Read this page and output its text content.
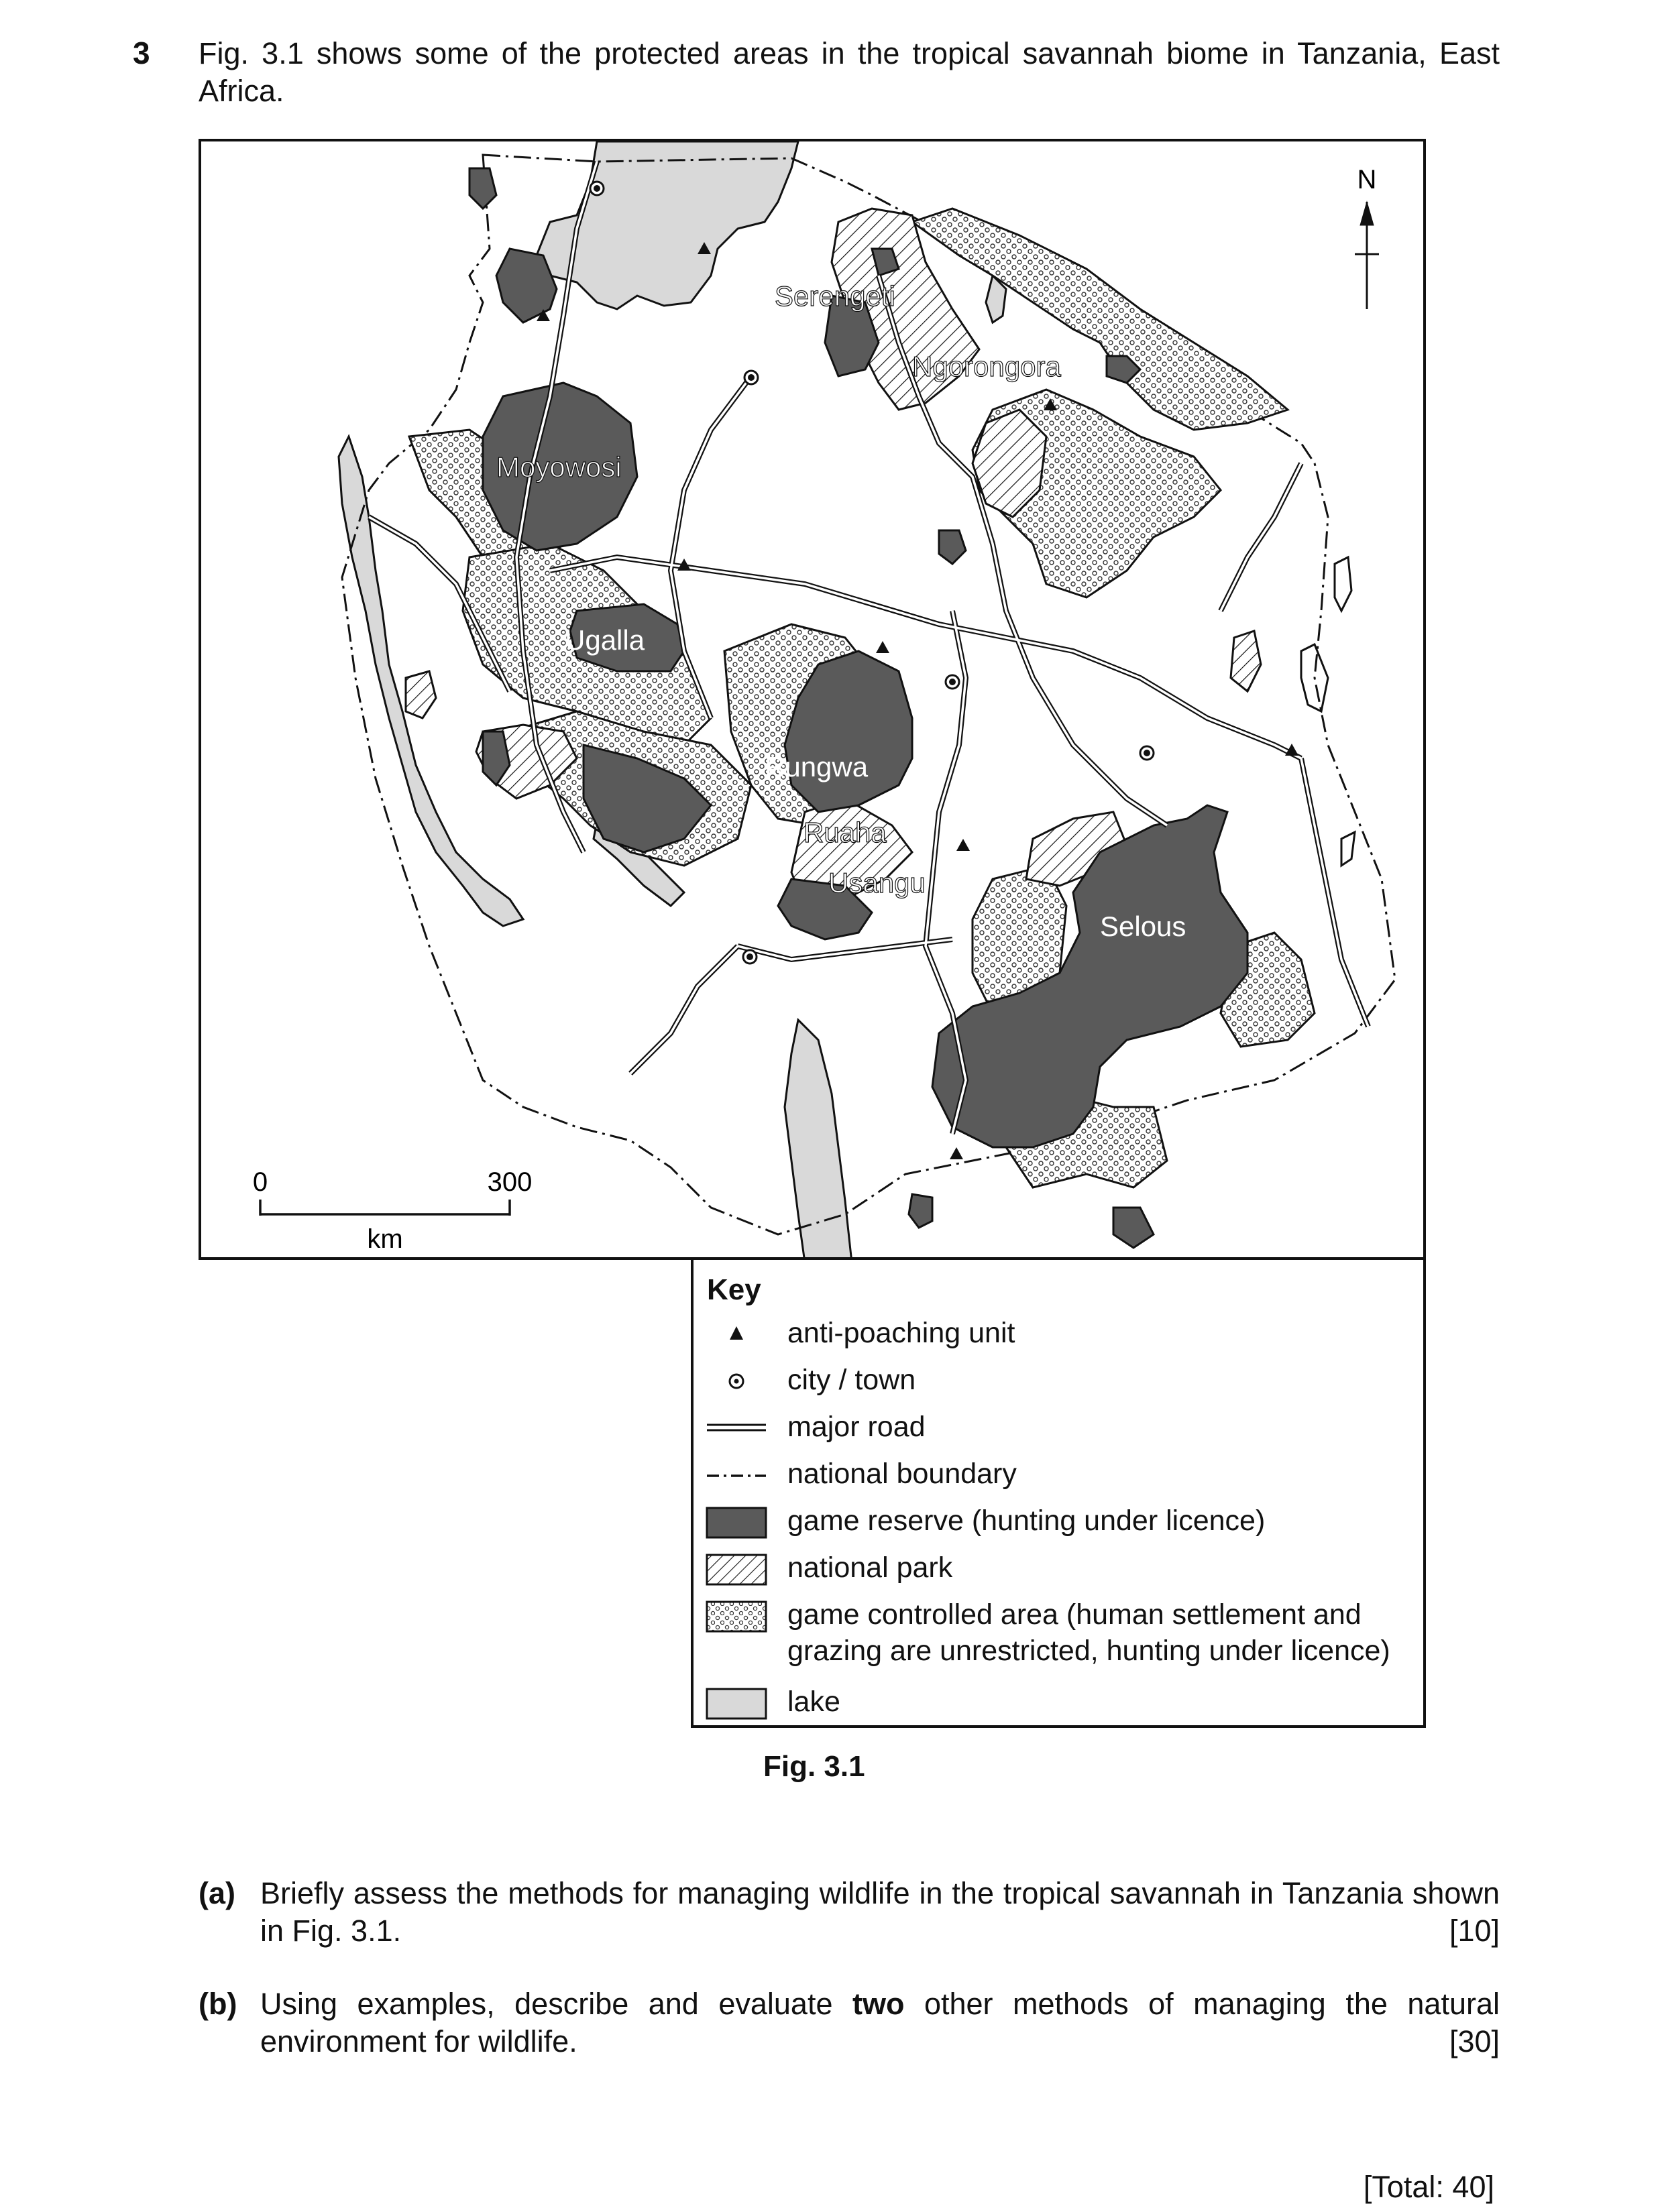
3 Fig. 3.1 shows some of the protected areas in the tropical savannah biome in Tanzania, East Africa.
N
0	300
km
Serengeti
Ngorongora
Moyowosi
Ugalla
Rungwa
Ruaha
Usangu
Selous
Key
anti-poaching unit
city / town
major road
national boundary
game reserve (hunting under licence)
national park
game controlled area (human settlement and grazing are unrestricted, hunting under licence)
lake
Fig. 3.1
(a) Briefly assess the methods for managing wildlife in the tropical savannah in Tanzania shown in Fig. 3.1.	[10]
(b) Using examples, describe and evaluate two other methods of managing the natural environment for wildlife.	[30]
[Total: 40]
